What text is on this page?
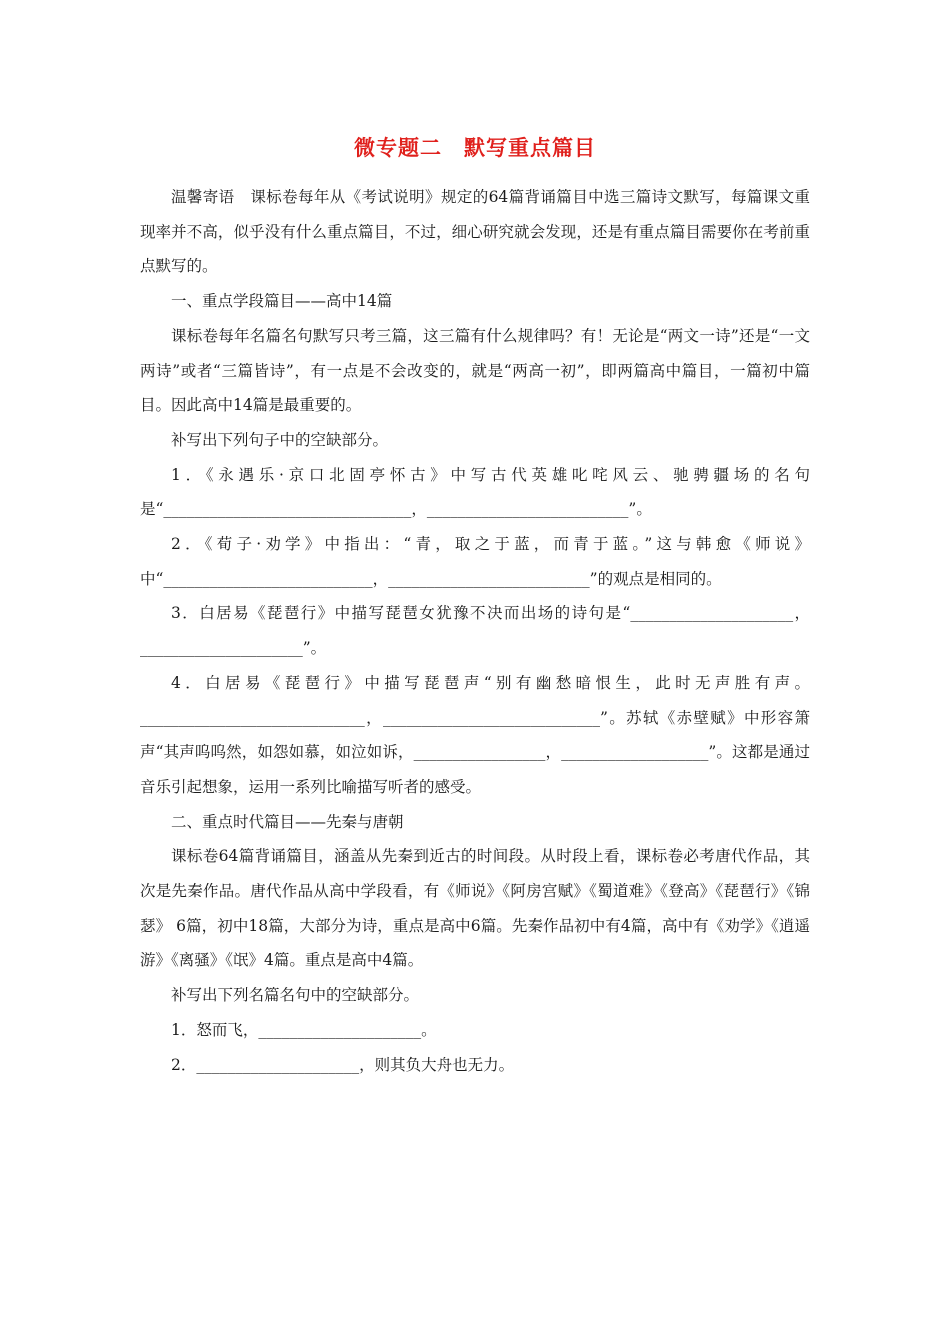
微专题二　默写重点篇目

温馨寄语　课标卷每年从《考试说明》规定的64篇背诵篇目中选三篇诗文默写，每篇课文重现率并不高，似乎没有什么重点篇目，不过，细心研究就会发现，还是有重点篇目需要你在考前重点默写的。

一、重点学段篇目——高中14篇

课标卷每年名篇名句默写只考三篇，这三篇有什么规律吗？有！无论是“两文一诗”还是“一文两诗”或者“三篇皆诗”，有一点是不会改变的，就是“两高一初”，即两篇高中篇目，一篇初中篇目。因此高中14篇是最重要的。

补写出下列句子中的空缺部分。

1．《永遇乐·京口北固亭怀古》中写古代英雄叱咤风云、驰骋疆场的名句是“________________________________，__________________________”。

2．《荀子·劝学》中指出：“青，取之于蓝，而青于蓝。”这与韩愈《师说》中“___________________________，__________________________”的观点是相同的。

3．白居易《琵琶行》中描写琵琶女犹豫不决而出场的诗句是“_____________________，_____________________”。

4．白居易《琵琶行》中描写琵琶声“别有幽愁暗恨生，此时无声胜有声。_____________________________，____________________________”。苏轼《赤壁赋》中形容箫声“其声呜呜然，如怨如慕，如泣如诉，_________________，___________________”。这都是通过音乐引起想象，运用一系列比喻描写听者的感受。

二、重点时代篇目——先秦与唐朝

课标卷64篇背诵篇目，涵盖从先秦到近古的时间段。从时段上看，课标卷必考唐代作品，其次是先秦作品。唐代作品从高中学段看，有《师说》《阿房宫赋》《蜀道难》《登高》《琵琶行》《锦瑟》 6篇，初中18篇，大部分为诗，重点是高中6篇。先秦作品初中有4篇，高中有《劝学》《逍遥游》《离骚》《氓》4篇。重点是高中4篇。

补写出下列名篇名句中的空缺部分。

1．怒而飞，_____________________。

2．_____________________，则其负大舟也无力。
